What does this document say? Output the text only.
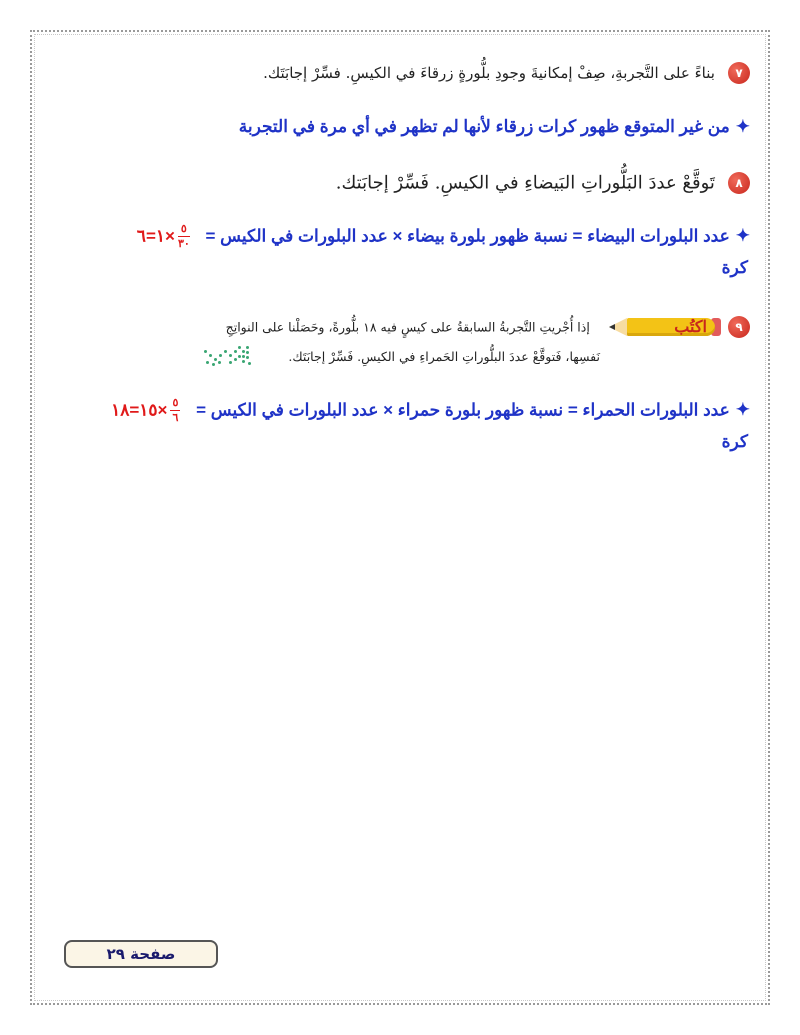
٧ بناءً على التَّجربةِ، صِفْ إمكانيةَ وجودِ بلُّورةٍ زرقاءَ في الكيسِ. فسِّرْ إجابَتَك.
✦من غير المتوقع ظهور كرات زرقاء لأنها لم تظهر في أي مرة في التجربة
٨ تَوقَّعْ عددَ البَلُّوراتِ البَيضاءِ في الكيسِ. فَسِّرْ إجابَتك.
✦عدد البلورات البيضاء = نسبة ظهور بلورة بيضاء × عدد البلورات في الكيس = ١=٦× $\frac{٥}{٣٠}$
كرة
٩
اكتُب
إذا أُجْريتِ التَّجربةُ السابقةُ على كيسٍ فيه ١٨ بلُّورةً، وحَصَلْنا على النواتِجِ
نَفسِها، فَتوقَّعْ عددَ البلُّوراتِ الحَمراءِ في الكيسِ. فَسِّرْ إجابَتَك.
✦عدد البلورات الحمراء = نسبة ظهور بلورة حمراء × عدد البلورات في الكيس = ١٥=١٨× $\frac{٥}{٦}$
كرة
صفحة ٢٩
